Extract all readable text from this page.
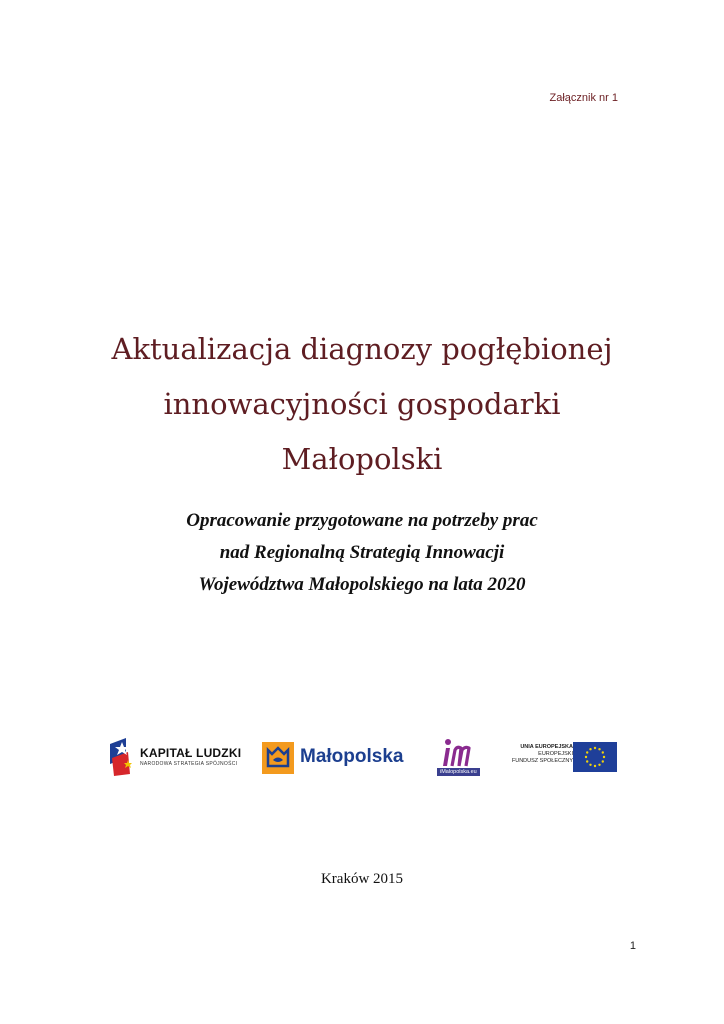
Załącznik nr 1
Aktualizacja diagnozy pogłębionej
innowacyjności gospodarki
Małopolski
Opracowanie przygotowane na potrzeby prac
nad Regionalną Strategią Innowacji
Województwa Małopolskiego na lata 2020
KAPITAŁ LUDZKI
NARODOWA STRATEGIA SPÓJNOŚCI	Małopolska
iMalopolska.eu
UNIA EUROPEJSKA
EUROPEJSKI
FUNDUSZ SPOŁECZNY
Kraków 2015
1
